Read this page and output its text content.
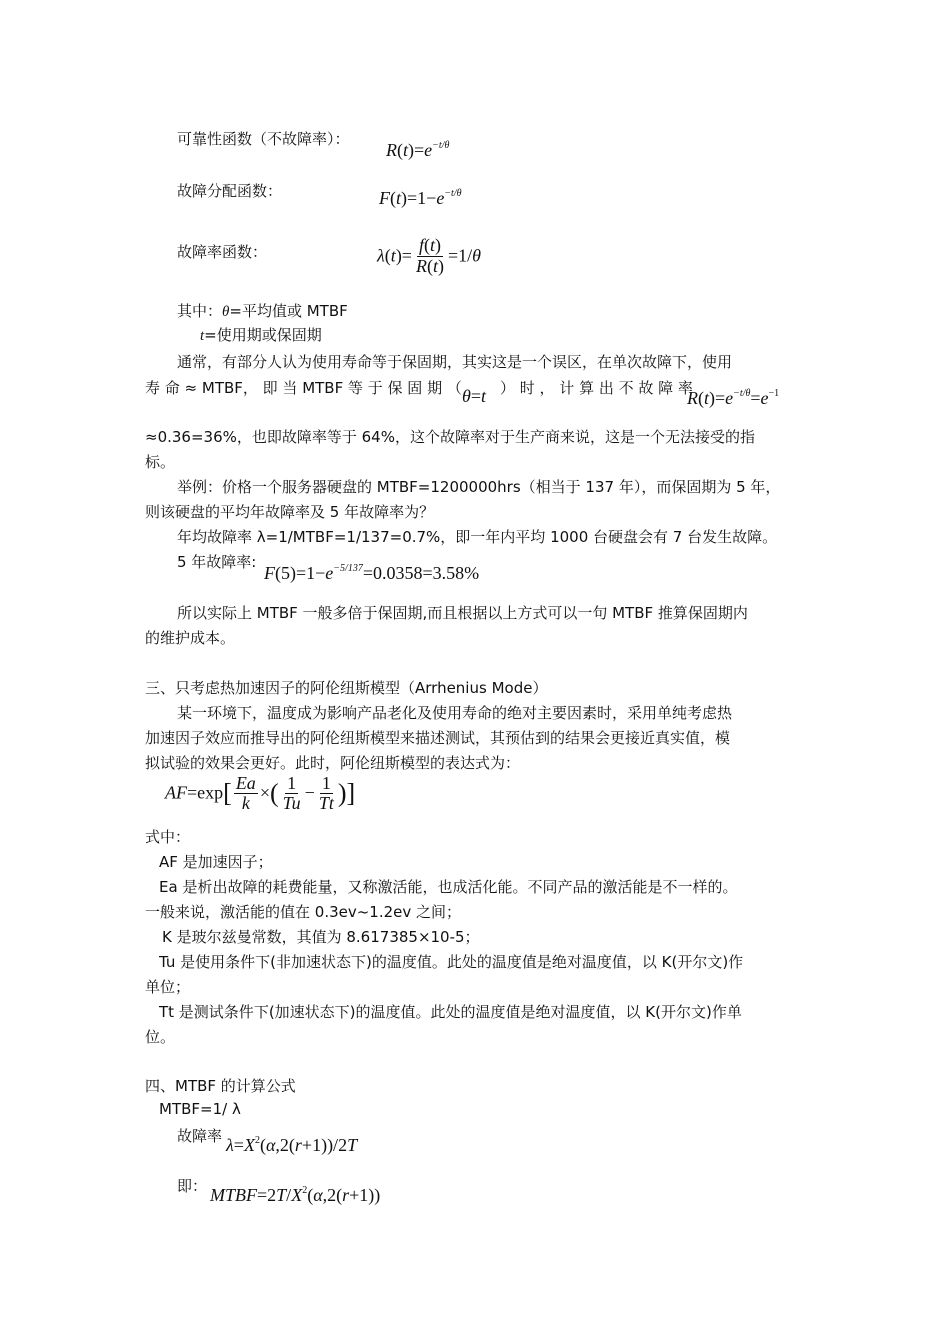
可靠性函数（不故障率）：
$R(t)=e^{-t/\theta}$
故障分配函数：	$F(t)=1-e^{-t/\theta}$
故障率函数：	$\lambda(t)= \frac{f(t)}{R(t)} =1/\theta$
其中：θ=平均值或 MTBF
t=使用期或保固期
通常，有部分人认为使用寿命等于保固期，其实这是一个误区，在单次故障下，使用
寿 命 ≈ MTBF， 即 当 MTBF 等 于 保 固 期 （ θ=t ） 时 ， 计 算 出 不 故 障 率
$R(t)=e^{-t/\theta}=e^{-1}$
≈0.36=36%，也即故障率等于 64%，这个故障率对于生产商来说，这是一个无法接受的指
标。
举例：价格一个服务器硬盘的 MTBF=1200000hrs（相当于 137 年），而保固期为 5 年，
则该硬盘的平均年故障率及 5 年故障率为？
年均故障率 λ=1/MTBF=1/137=0.7%，即一年内平均 1000 台硬盘会有 7 台发生故障。
5 年故障率:
$F(5)=1-e^{-5/137}=0.0358=3.58\%$
所以实际上 MTBF 一般多倍于保固期,而且根据以上方式可以一句 MTBF 推算保固期内
的维护成本。
三、只考虑热加速因子的阿伦纽斯模型（Arrhenius Mode）
某一环境下，温度成为影响产品老化及使用寿命的绝对主要因素时，采用单纯考虑热
加速因子效应而推导出的阿伦纽斯模型来描述测试，其预估到的结果会更接近真实值，模
拟试验的效果会更好。此时，阿伦纽斯模型的表达式为：
$AF=\exp[ \frac{Ea}{k}$ ×( $\frac{1}{Tu} - \frac{1}{Tt}$ )]
式中：
AF 是加速因子；
Ea 是析出故障的耗费能量，又称激活能，也成活化能。不同产品的激活能是不一样的。
一般来说，激活能的值在 0.3ev~1.2ev 之间；
K 是玻尔兹曼常数，其值为 8.617385×10-5；
Tu 是使用条件下(非加速状态下)的温度值。此处的温度值是绝对温度值，以 K(开尔文)作
单位；
Tt 是测试条件下(加速状态下)的温度值。此处的温度值是绝对温度值，以 K(开尔文)作单
位。
四、MTBF 的计算公式
MTBF=1/ λ
故障率 $\lambda=X^2(\alpha,2(r+1))/2T$
即： $MTBF=2T/X^2(\alpha,2(r+1))$
